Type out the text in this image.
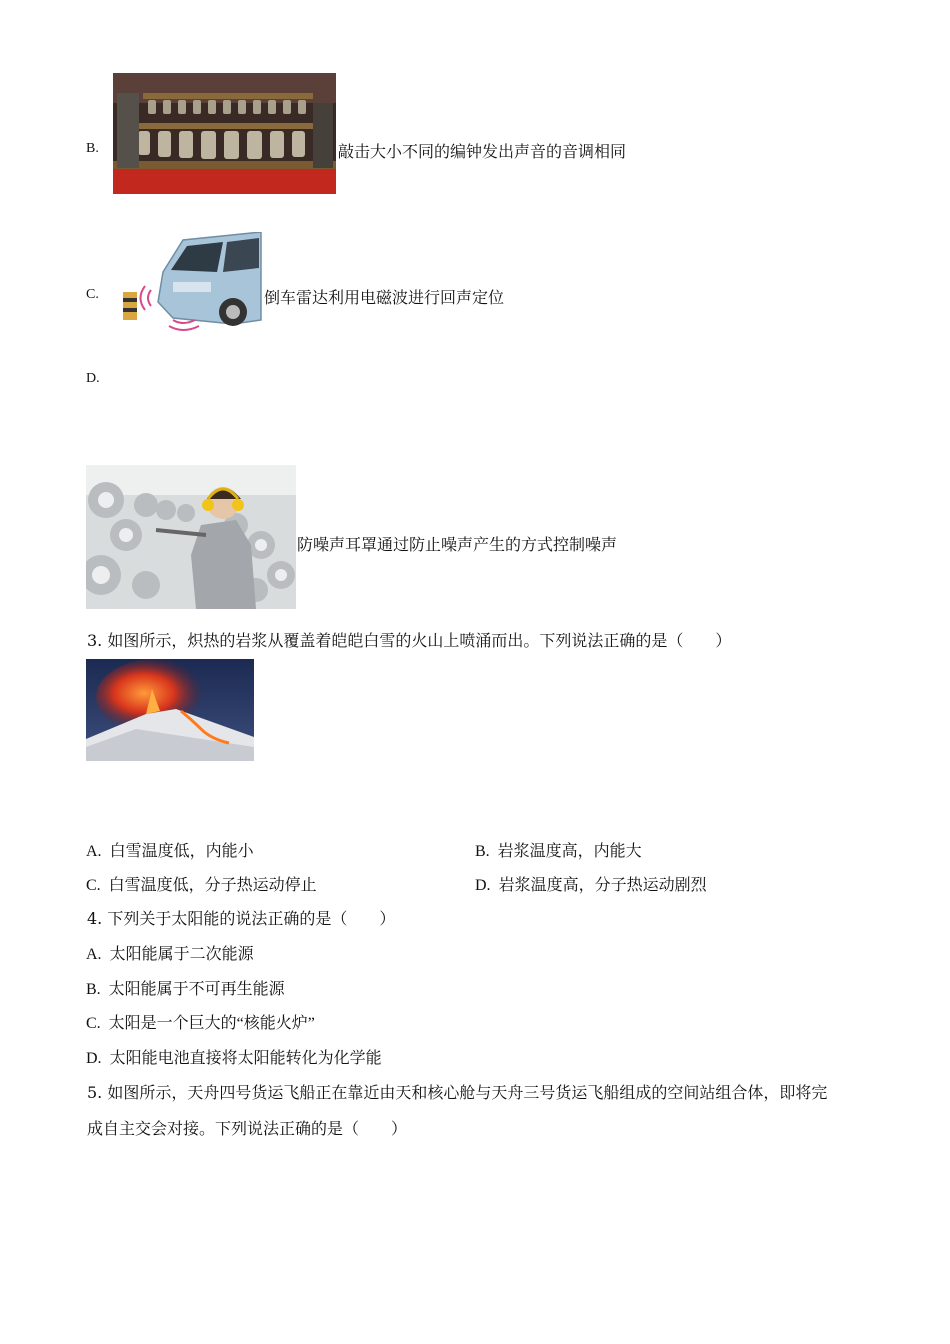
B.	敲击大小不同的编钟发出声音的音调相同
C.	倒车雷达利用电磁波进行回声定位
D.
防噪声耳罩通过防止噪声产生的方式控制噪声
3. 如图所示，炽热的岩浆从覆盖着皑皑白雪的火山上喷涌而出。下列说法正确的是（　　）
A. 白雪温度低，内能小	B. 岩浆温度高，内能大
C. 白雪温度低，分子热运动停止	D. 岩浆温度高，分子热运动剧烈
4. 下列关于太阳能的说法正确的是（　　）
A. 太阳能属于二次能源
B. 太阳能属于不可再生能源
C. 太阳是一个巨大的“核能火炉”
D. 太阳能电池直接将太阳能转化为化学能
5. 如图所示，天舟四号货运飞船正在靠近由天和核心舱与天舟三号货运飞船组成的空间站组合体，即将完
成自主交会对接。下列说法正确的是（　　）
